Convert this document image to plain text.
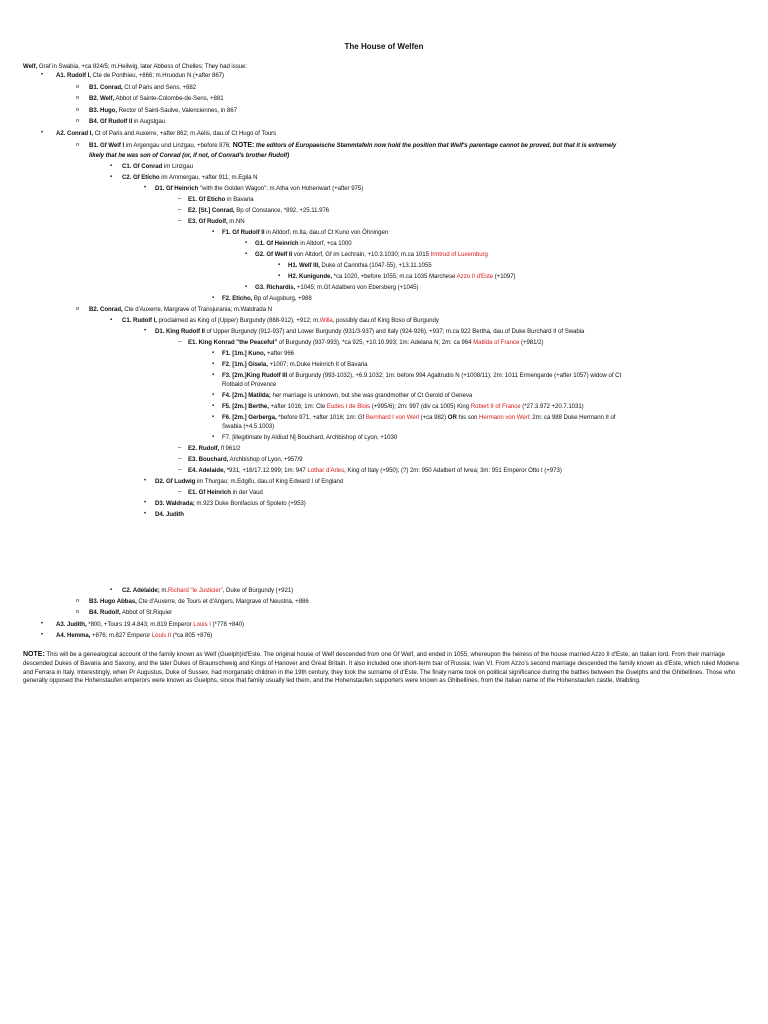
The House of Welfen
Welf, Graf in Swabia, +ca 824/5; m.Heilwig, later Abbess of Chelles; They had issue:
•
A1. Rudolf I, Cte de Ponthieu, +866; m.Hruodun N (+after 867)
o
B1. Conrad, Ct of Paris and Sens, +882
o
B2. Welf, Abbot of Sainte-Colombe-de-Sens, +881
o
B3. Hugo, Rector of Saint-Saulve, Valenciennes, in 867
o
B4. Gf Rudolf II in Augstgau
•
A2. Conrad I, Ct of Paris and Auxerre, +after 862; m.Aelis, dau.of Ct Hugo of Tours
o
B1. Gf Welf I im Argengau und Linzgau, +before 876; NOTE: the editors of Europaeische Stammtafeln now hold the position that Welf's parentage cannot be proved, but that it is extremely
likely that he was son of Conrad (or, if not, of Conrad's brother Rudolf)
▪
C1. Gf Conrad im Linzgau
▪
C2. Gf Eticho im Ammergau, +after 911; m.Egila N
•
D1. Gf Heinrich "with the Golden Wagon"; m.Atha von Hohenwart (+after 975)
–
E1. Gf Eticho in Bavaria
–
E2. [St.] Conrad, Bp of Constance, *892, +25.11.976
–
E3. Gf Rudolf, m.NN
▪
F1. Gf Rudolf II in Altdorf, m.Ita, dau.of Ct Kuno von Öhningen
▪
G1. Gf Heinrich in Altdorf, +ca 1000
▪
G2. Gf Welf II von Altdorf, Gf im Lechrain, +10.3.1030; m.ca 1015 Irmtrud of Luxemburg
▪
H1. Welf III, Duke of Carinthia (1047-55), +13.11.1055
▪
H2. Kunigunde, *ca 1020, +before 1055; m.ca 1035 Marchese Azzo II d'Este (+1097)
▪
G3. Richardis, +1045; m.Gf Adalbero von Ebersberg (+1045)
▪
F2. Eticho, Bp of Augsburg, +988
o
B2. Conrad, Cte d'Auxerre, Margrave of Transjurania; m.Waldrada N
▪
C1. Rudolf I, proclaimed as King of (Upper) Burgundy (888-912), +912; m.Willa, possibly dau.of King Boso of Burgundy
•
D1. King Rudolf II of Upper Burgundy (912-937) and Lower Burgundy (931/3-937) and Italy (924-926), +937; m.ca 922 Bertha, dau.of Duke Burchard II of Swabia
–
E1. King Konrad "the Peaceful" of Burgundy (937-993), *ca 925, +10.10.993; 1m: Adelana N; 2m: ca 964 Matilda of France (+981/2)
▪
F1. [1m.] Kuno, +after 966
▪
F2. [1m.] Gisela, +1007; m.Duke Heinrich II of Bavaria
▪
F3. [2m.]King Rudolf III of Burgundy (993-1032), +6.9.1032; 1m: before 994 Agaltrudis N (+1008/11); 2m: 1011 Ermengarde (+after 1057) widow of Ct
Rotbald of Provence
▪
F4. [2m.] Matilda; her marriage is unknown, but she was grandmother of Ct Gerold of Geneva
▪
F5. [2m.] Berthe, +after 1016; 1m: Cte Eudes I de Blois (+995/6); 2m: 997 (div ca 1005) King Robert II of France (*27.3.972 +20.7.1031)
▪
F6. [2m.] Gerberga, *before 971, +after 1016; 1m: Gf Bernhard I von Werl (+ca 982) OR his son Hermann von Werl; 2m: ca 988 Duke Hermann II of
Swabia (+4.5.1003)
▪
F7. [illegitimate by Aldiud N] Bouchard, Archbishop of Lyon, +1030
–
E2. Rudolf, fl 961/2
–
E3. Bouchard, Archbishop of Lyon, +957/9
–
E4. Adelaide, *931, +16/17.12.999; 1m: 947 Lothar d'Arles, King of Italy (+950); (?) 2m: 950 Adalbert of Ivrea; 3m: 951 Emperor Otto I (+973)
•
D2. Gf Ludwig im Thurgau; m.Edgifu, dau.of King Edward I of England
–
E1. Gf Heinrich in der Vaud
•
D3. Waldrada; m.923 Duke Bonifacius of Spoleto (+953)
•
D4. Judith
▪
C2. Adelaide; m.Richard "le Justicier", Duke of Burgundy (+921)
o
B3. Hugo Abbas, Cte d'Auxerre, de Tours et d'Angers, Margrave of Neustria, +886
o
B4. Rudolf, Abbot of St.Riquier
•
A3. Judith, *800, +Tours 19.4.843; m.819 Emperor Louis I (*778 +840)
•
A4. Hemma, +876; m.827 Emperor Louis II (*ca 805 +876)
NOTE: This will be a genealogical account of the family known as Welf (Guelph)/d'Este. The original house of Welf descended from one Gf Welf, and ended in 1055, whereupon the heiress of the house married Azzo II d'Este, an Italian lord. From their marriage descended Dukes of Bavaria and Saxony, and the later Dukes of Braunschweig and Kings of Hanover and Great Britain. It also included one short-term tsar of Russia: Ivan VI. From Azzo's second marriage descended the family known as d'Este, which ruled Modena and Ferrara in Italy. Interestingly, when Pr Augustus, Duke of Sussex, had morganatic children in the 19th century, they took the surname of d'Este. The finaly name took on political significance during the battles between the Guelphs and the Ghibellines. Those who generally opposed the Hohenstaufen emperors were known as Guelphs, since that family usually led them, and the Hohenstaufen supporters were known as Ghibellines, from the Italian name of the Hohenstaufen castle, Waibling.
